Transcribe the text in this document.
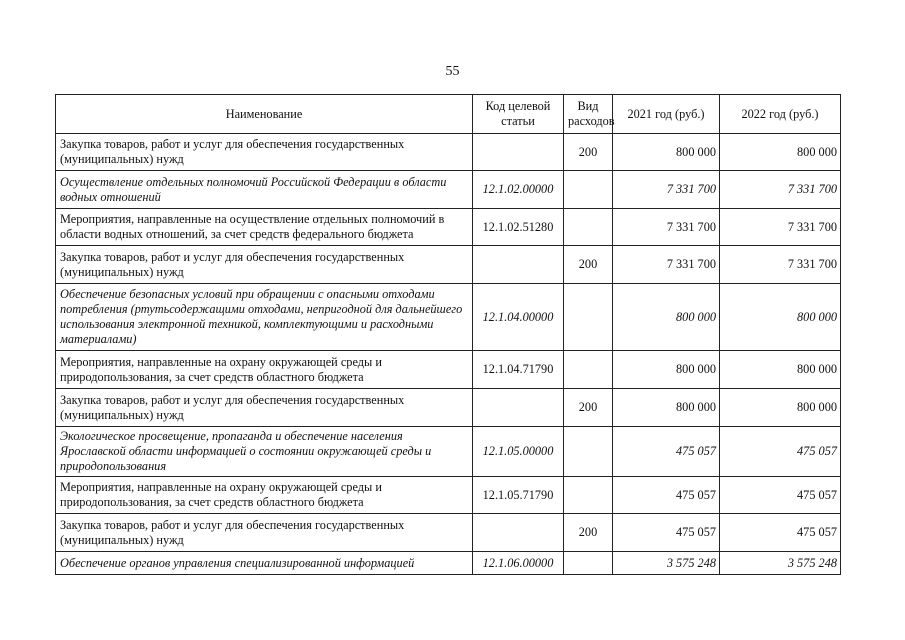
55
Наименование	Код целевой статьи	Вид расходов	2021 год (руб.)	2022 год (руб.)
Закупка товаров, работ и услуг для обеспечения государственных (муниципальных) нужд		200	800 000	800 000
Осуществление отдельных полномочий Российской Федерации в области водных отношений	12.1.02.00000		7 331 700	7 331 700
Мероприятия, направленные на осуществление отдельных полномочий в области водных отношений, за счет средств федерального бюджета	12.1.02.51280		7 331 700	7 331 700
Закупка товаров, работ и услуг для обеспечения государственных (муниципальных) нужд		200	7 331 700	7 331 700
Обеспечение безопасных условий при обращении с опасными отходами потребления (ртутьсодержащими отходами, непригодной для дальнейшего использования электронной техникой, комплектующими и расходными материалами)	12.1.04.00000		800 000	800 000
Мероприятия, направленные на охрану окружающей среды и природопользования, за счет средств областного бюджета	12.1.04.71790		800 000	800 000
Закупка товаров, работ и услуг для обеспечения государственных (муниципальных) нужд		200	800 000	800 000
Экологическое просвещение, пропаганда и обеспечение населения Ярославской области информацией о состоянии окружающей среды и природопользования	12.1.05.00000		475 057	475 057
Мероприятия, направленные на охрану окружающей среды и природопользования, за счет средств областного бюджета	12.1.05.71790		475 057	475 057
Закупка товаров, работ и услуг для обеспечения государственных (муниципальных) нужд		200	475 057	475 057
Обеспечение органов управления специализированной информацией	12.1.06.00000		3 575 248	3 575 248
